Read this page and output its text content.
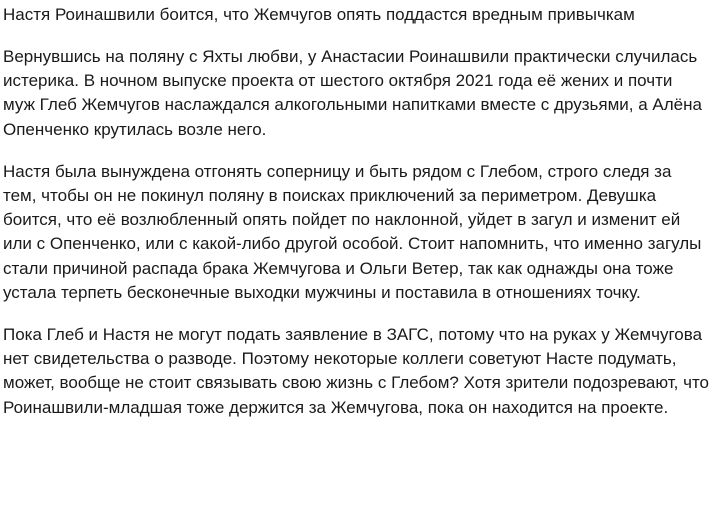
Настя Роинашвили боится, что Жемчугов опять поддастся вредным привычкам

Вернувшись на поляну с Яхты любви, у Анастасии Роинашвили практически случилась истерика. В ночном выпуске проекта от шестого октября 2021 года её жених и почти муж Глеб Жемчугов наслаждался алкогольными напитками вместе с друзьями, а Алёна Опенченко крутилась возле него.

Настя была вынуждена отгонять соперницу и быть рядом с Глебом, строго следя за тем, чтобы он не покинул поляну в поисках приключений за периметром. Девушка боится, что её возлюбленный опять пойдет по наклонной, уйдет в загул и изменит ей или с Опенченко, или с какой-либо другой особой. Стоит напомнить, что именно загулы стали причиной распада брака Жемчугова и Ольги Ветер, так как однажды она тоже устала терпеть бесконечные выходки мужчины и поставила в отношениях точку.

Пока Глеб и Настя не могут подать заявление в ЗАГС, потому что на руках у Жемчугова нет свидетельства о разводе. Поэтому некоторые коллеги советуют Насте подумать, может, вообще не стоит связывать свою жизнь с Глебом? Хотя зрители подозревают, что Роинашвили-младшая тоже держится за Жемчугова, пока он находится на проекте.
